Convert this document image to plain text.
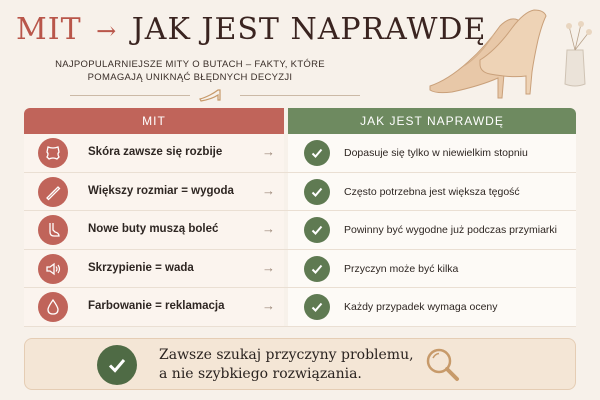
MIT → JAK JEST NAPRAWDĘ
NAJPOPULARNIEJSZE MITY O BUTACH – FAKTY, KTÓRE POMAGAJĄ UNIKNĄĆ BŁĘDNYCH DECYZJI
MIT	JAK JEST NAPRAWDĘ
Skóra zawsze się rozbije	→	Dopasuje się tylko w niewielkim stopniu
Większy rozmiar = wygoda →	Często potrzebna jest większa tęgość
Nowe buty muszą boleć	→	Powinny być wygodne już podczas przymiarki
Skrzypienie = wada	→	Przyczyn może być kilka
Farbowanie = reklamacja	→	Każdy przypadek wymaga oceny
Zawsze szukaj przyczyny problemu,
a nie szybkiego rozwiązania.
